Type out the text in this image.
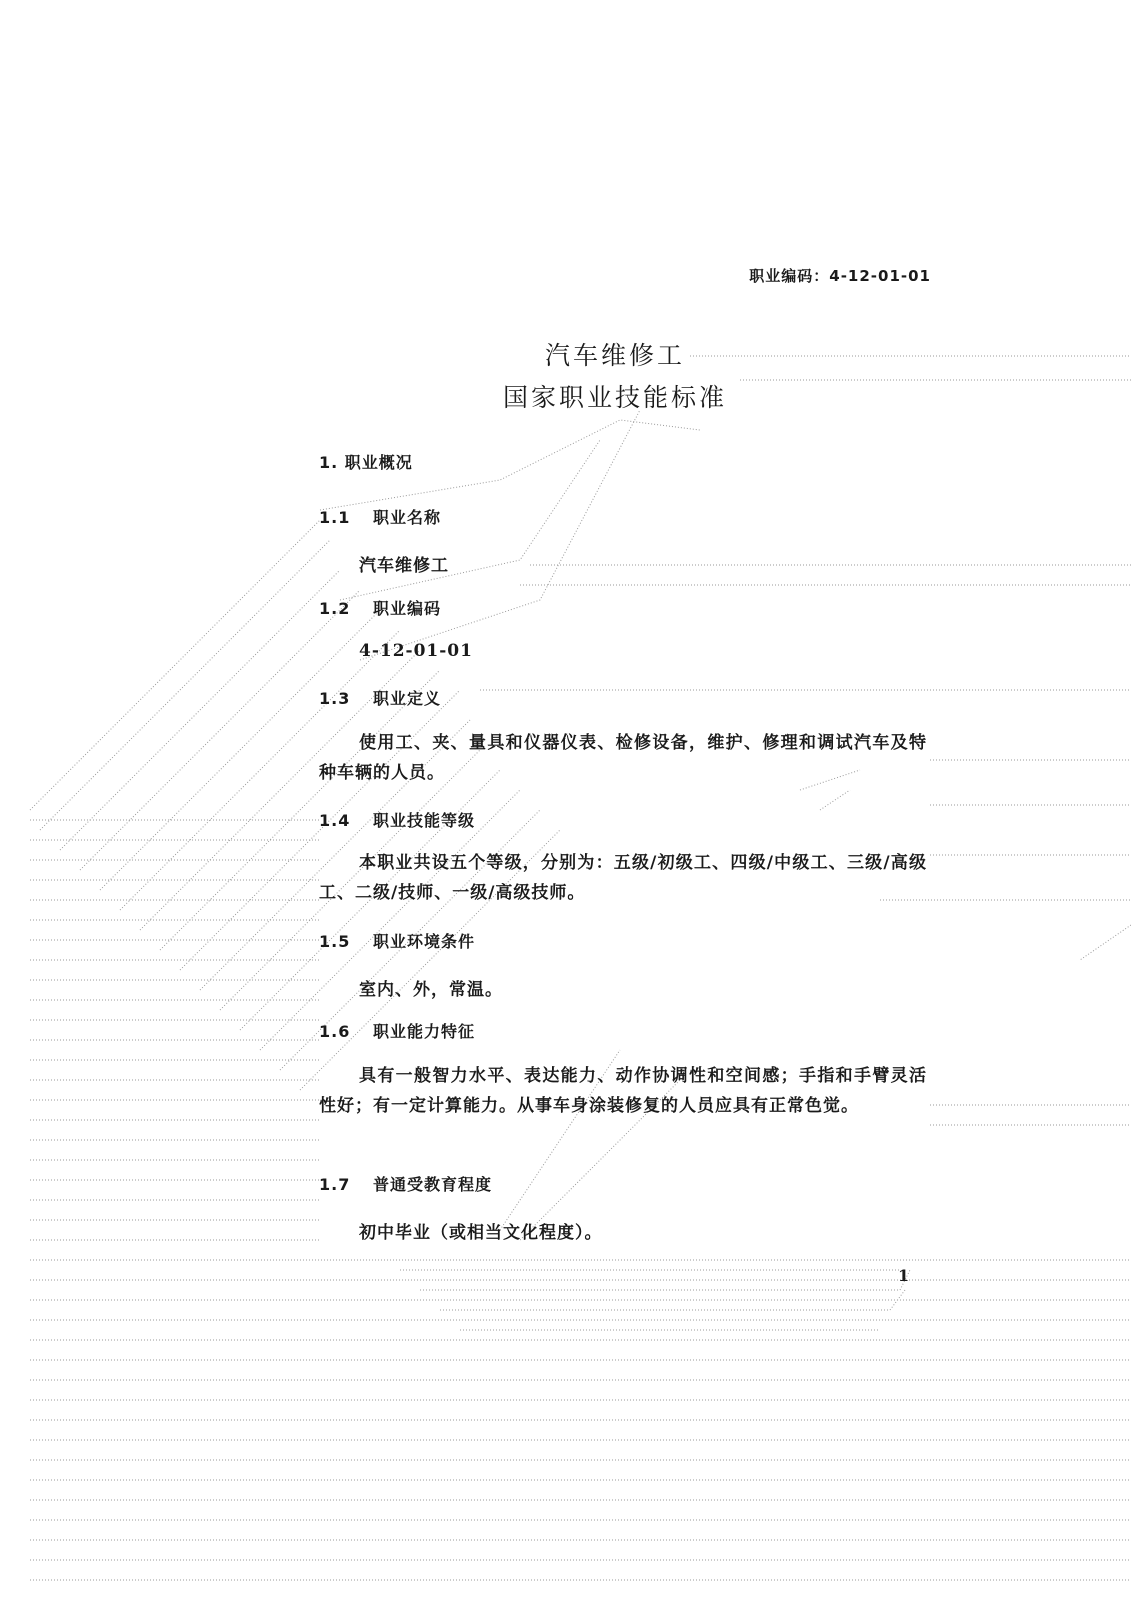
职业编码：4-12-01-01
汽车维修工
国家职业技能标准
1. 职业概况
1.1 职业名称
汽车维修工
1.2 职业编码
4-12-01-01
1.3 职业定义
使用工、夹、量具和仪器仪表、检修设备，维护、修理和调试汽车及特种车辆的人员。
1.4 职业技能等级
本职业共设五个等级，分别为：五级/初级工、四级/中级工、三级/高级工、二级/技师、一级/高级技师。
1.5 职业环境条件
室内、外，常温。
1.6 职业能力特征
具有一般智力水平、表达能力、动作协调性和空间感；手指和手臂灵活性好；有一定计算能力。从事车身涂装修复的人员应具有正常色觉。
1.7 普通受教育程度
初中毕业（或相当文化程度）。
1
